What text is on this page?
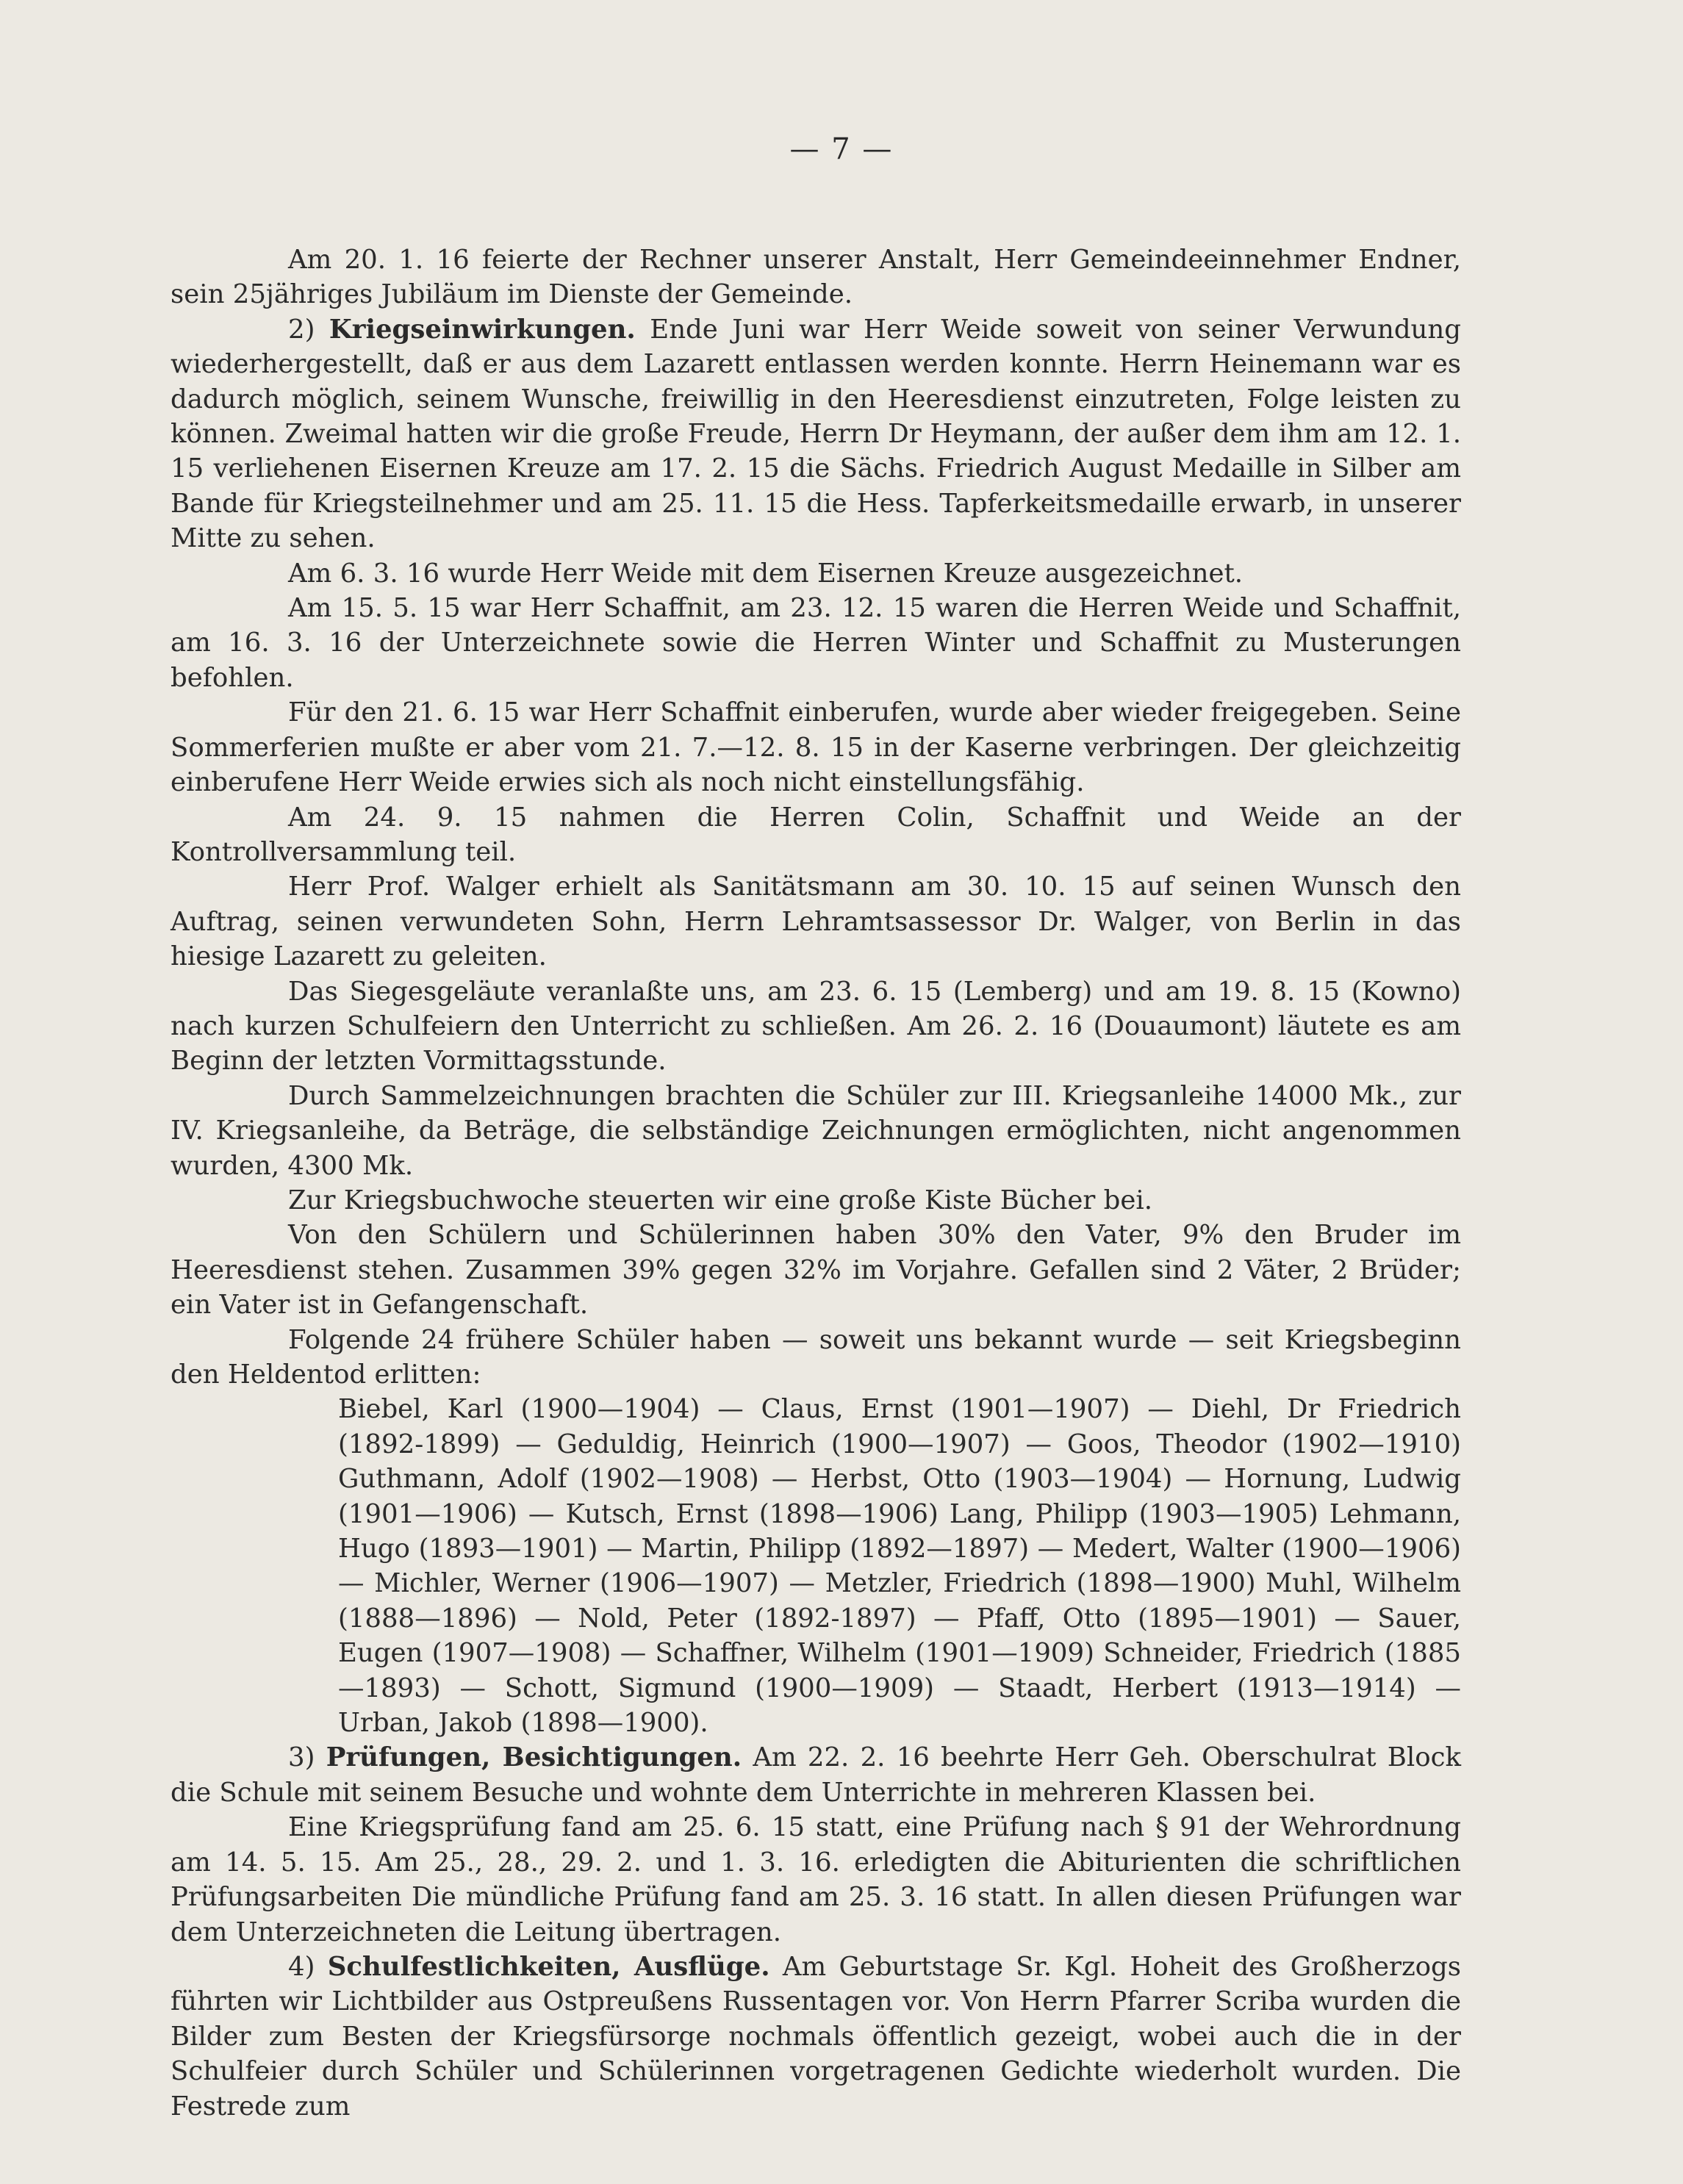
— 7 —

Am 20. 1. 16 feierte der Rechner unserer Anstalt, Herr Gemeindeeinnehmer Endner, sein 25jähriges Jubiläum im Dienste der Gemeinde.

2) Kriegseinwirkungen. Ende Juni war Herr Weide soweit von seiner Verwundung wiederhergestellt, daß er aus dem Lazarett entlassen werden konnte. Herrn Heinemann war es dadurch möglich, seinem Wunsche, freiwillig in den Heeresdienst einzutreten, Folge leisten zu können. Zweimal hatten wir die große Freude, Herrn Dr Heymann, der außer dem ihm am 12. 1. 15 verliehenen Eisernen Kreuze am 17. 2. 15 die Sächs. Friedrich August Medaille in Silber am Bande für Kriegsteilnehmer und am 25. 11. 15 die Hess. Tapferkeitsmedaille erwarb, in unserer Mitte zu sehen.

Am 6. 3. 16 wurde Herr Weide mit dem Eisernen Kreuze ausgezeichnet.

Am 15. 5. 15 war Herr Schaffnit, am 23. 12. 15 waren die Herren Weide und Schaffnit, am 16. 3. 16 der Unterzeichnete sowie die Herren Winter und Schaffnit zu Musterungen befohlen.

Für den 21. 6. 15 war Herr Schaffnit einberufen, wurde aber wieder freigegeben. Seine Sommerferien mußte er aber vom 21. 7.—12. 8. 15 in der Kaserne verbringen. Der gleichzeitig einberufene Herr Weide erwies sich als noch nicht einstellungsfähig.

Am 24. 9. 15 nahmen die Herren Colin, Schaffnit und Weide an der Kontrollversammlung teil.

Herr Prof. Walger erhielt als Sanitätsmann am 30. 10. 15 auf seinen Wunsch den Auftrag, seinen verwundeten Sohn, Herrn Lehramtsassessor Dr. Walger, von Berlin in das hiesige Lazarett zu geleiten.

Das Siegesgeläute veranlaßte uns, am 23. 6. 15 (Lemberg) und am 19. 8. 15 (Kowno) nach kurzen Schulfeiern den Unterricht zu schließen. Am 26. 2. 16 (Douaumont) läutete es am Beginn der letzten Vormittagsstunde.

Durch Sammelzeichnungen brachten die Schüler zur III. Kriegsanleihe 14000 Mk., zur IV. Kriegsanleihe, da Beträge, die selbständige Zeichnungen ermöglichten, nicht angenommen wurden, 4300 Mk.

Zur Kriegsbuchwoche steuerten wir eine große Kiste Bücher bei.

Von den Schülern und Schülerinnen haben 30% den Vater, 9% den Bruder im Heeresdienst stehen. Zusammen 39% gegen 32% im Vorjahre. Gefallen sind 2 Väter, 2 Brüder; ein Vater ist in Gefangenschaft.

Folgende 24 frühere Schüler haben — soweit uns bekannt wurde — seit Kriegsbeginn den Heldentod erlitten:

Biebel, Karl (1900—1904) — Claus, Ernst (1901—1907) — Diehl, Dr Friedrich (1892-1899) — Geduldig, Heinrich (1900—1907) — Goos, Theodor (1902—1910) Guthmann, Adolf (1902—1908) — Herbst, Otto (1903—1904) — Hornung, Ludwig (1901—1906) — Kutsch, Ernst (1898—1906) Lang, Philipp (1903—1905) Lehmann, Hugo (1893—1901) — Martin, Philipp (1892—1897) — Medert, Walter (1900—1906) — Michler, Werner (1906—1907) — Metzler, Friedrich (1898—1900) Muhl, Wilhelm (1888—1896) — Nold, Peter (1892-1897) — Pfaff, Otto (1895—1901) — Sauer, Eugen (1907—1908) — Schaffner, Wilhelm (1901—1909) Schneider, Friedrich (1885—1893) — Schott, Sigmund (1900—1909) — Staadt, Herbert (1913—1914) — Urban, Jakob (1898—1900).

3) Prüfungen, Besichtigungen. Am 22. 2. 16 beehrte Herr Geh. Oberschulrat Block die Schule mit seinem Besuche und wohnte dem Unterrichte in mehreren Klassen bei.

Eine Kriegsprüfung fand am 25. 6. 15 statt, eine Prüfung nach § 91 der Wehrordnung am 14. 5. 15. Am 25., 28., 29. 2. und 1. 3. 16. erledigten die Abiturienten die schriftlichen Prüfungsarbeiten Die mündliche Prüfung fand am 25. 3. 16 statt. In allen diesen Prüfungen war dem Unterzeichneten die Leitung übertragen.

4) Schulfestlichkeiten, Ausflüge. Am Geburtstage Sr. Kgl. Hoheit des Großherzogs führten wir Lichtbilder aus Ostpreußens Russentagen vor. Von Herrn Pfarrer Scriba wurden die Bilder zum Besten der Kriegsfürsorge nochmals öffentlich gezeigt, wobei auch die in der Schulfeier durch Schüler und Schülerinnen vorgetragenen Gedichte wiederholt wurden. Die Festrede zum
